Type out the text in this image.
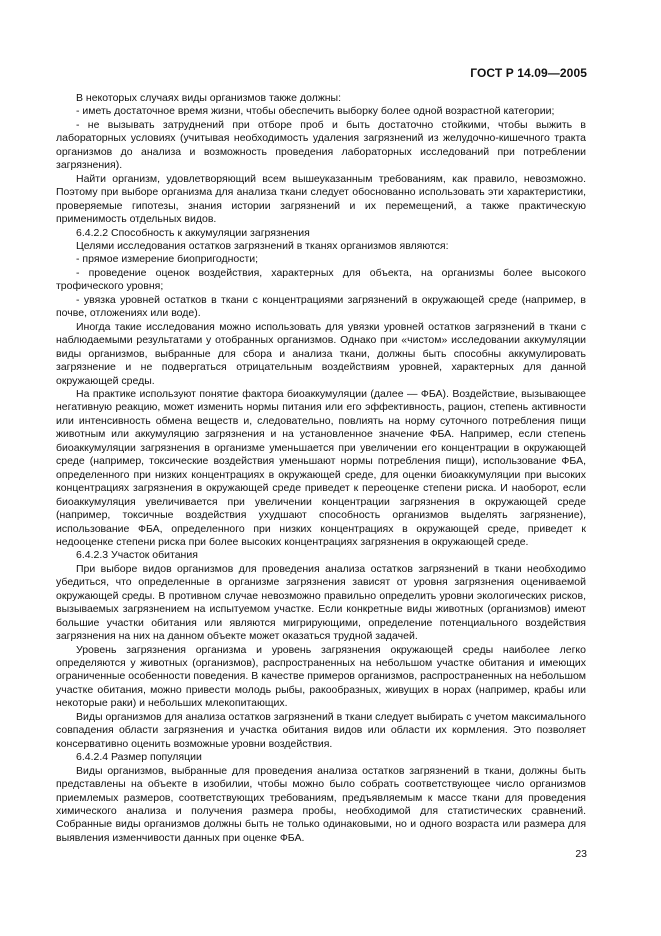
ГОСТ Р 14.09—2005

В некоторых случаях виды организмов также должны:

- иметь достаточное время жизни, чтобы обеспечить выборку более одной возрастной категории;

- не вызывать затруднений при отборе проб и быть достаточно стойкими, чтобы выжить в лабораторных условиях (учитывая необходимость удаления загрязнений из желудочно-кишечного тракта организмов до анализа и возможность проведения лабораторных исследований при потреблении загрязнения).

Найти организм, удовлетворяющий всем вышеуказанным требованиям, как правило, невозможно. Поэтому при выборе организма для анализа ткани следует обоснованно использовать эти характеристики, проверяемые гипотезы, знания истории загрязнений и их перемещений, а также практическую применимость отдельных видов.

6.4.2.2 Способность к аккумуляции загрязнения

Целями исследования остатков загрязнений в тканях организмов являются:

- прямое измерение биопригодности;

- проведение оценок воздействия, характерных для объекта, на организмы более высокого трофического уровня;

- увязка уровней остатков в ткани с концентрациями загрязнений в окружающей среде (например, в почве, отложениях или воде).

Иногда такие исследования можно использовать для увязки уровней остатков загрязнений в ткани с наблюдаемыми результатами у отобранных организмов. Однако при «чистом» исследовании аккумуляции виды организмов, выбранные для сбора и анализа ткани, должны быть способны аккумулировать загрязнение и не подвергаться отрицательным воздействиям уровней, характерных для данной окружающей среды.

На практике используют понятие фактора биоаккумуляции (далее — ФБА). Воздействие, вызывающее негативную реакцию, может изменить нормы питания или его эффективность, рацион, степень активности или интенсивность обмена веществ и, следовательно, повлиять на норму суточного потребления пищи животным или аккумуляцию загрязнения и на установленное значение ФБА. Например, если степень биоаккумуляции загрязнения в организме уменьшается при увеличении его концентрации в окружающей среде (например, токсические воздействия уменьшают нормы потребления пищи), использование ФБА, определенного при низких концентрациях в окружающей среде, для оценки биоаккумуляции при высоких концентрациях загрязнения в окружающей среде приведет к переоценке степени риска. И наоборот, если биоаккумуляция увеличивается при увеличении концентрации загрязнения в окружающей среде (например, токсичные воздействия ухудшают способность организмов выделять загрязнение), использование ФБА, определенного при низких концентрациях в окружающей среде, приведет к недооценке степени риска при более высоких концентрациях загрязнения в окружающей среде.

6.4.2.3 Участок обитания

При выборе видов организмов для проведения анализа остатков загрязнений в ткани необходимо убедиться, что определенные в организме загрязнения зависят от уровня загрязнения оцениваемой окружающей среды. В противном случае невозможно правильно определить уровни экологических рисков, вызываемых загрязнением на испытуемом участке. Если конкретные виды животных (организмов) имеют большие участки обитания или являются мигрирующими, определение потенциального воздействия загрязнения на них на данном объекте может оказаться трудной задачей.

Уровень загрязнения организма и уровень загрязнения окружающей среды наиболее легко определяются у животных (организмов), распространенных на небольшом участке обитания и имеющих ограниченные особенности поведения. В качестве примеров организмов, распространенных на небольшом участке обитания, можно привести молодь рыбы, ракообразных, живущих в норах (например, крабы или некоторые раки) и небольших млекопитающих.

Виды организмов для анализа остатков загрязнений в ткани следует выбирать с учетом максимального совпадения области загрязнения и участка обитания видов или области их кормления. Это позволяет консервативно оценить возможные уровни воздействия.

6.4.2.4 Размер популяции

Виды организмов, выбранные для проведения анализа остатков загрязнений в ткани, должны быть представлены на объекте в изобилии, чтобы можно было собрать соответствующее число организмов приемлемых размеров, соответствующих требованиям, предъявляемым к массе ткани для проведения химического анализа и получения размера пробы, необходимой для статистических сравнений. Собранные виды организмов должны быть не только одинаковыми, но и одного возраста или размера для выявления изменчивости данных при оценке ФБА.

23
